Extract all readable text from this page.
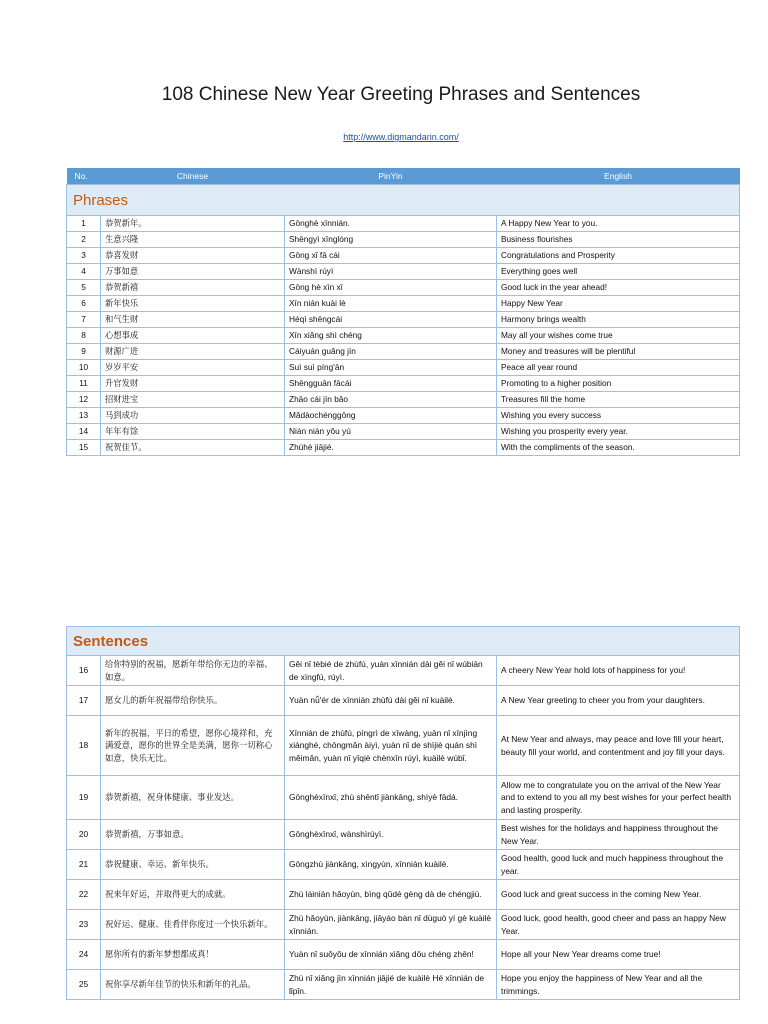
108 Chinese New Year Greeting Phrases and Sentences
http://www.digmandarin.com/
No.	Chinese	PinYin	English
Phrases			
1	恭贺新年。	Gōnghè xīnnián.	A Happy New Year to you.
2	生意兴隆	Shēngyì xīnglóng	Business flourishes
3	恭喜发财	Gōng xǐ fā cái	Congratulations and Prosperity
4	万事如意	Wànshì rúyì	Everything goes well
5	恭贺新禧	Gōng hè xīn xǐ	Good luck in the year ahead!
6	新年快乐	Xīn nián kuài lè	Happy New Year
7	和气生财	Héqì shēngcái	Harmony brings wealth
8	心想事成	Xīn xiǎng shì chéng	May all your wishes come true
9	财源广进	Cáiyuán guǎng jìn	Money and treasures will be plentiful
10	岁岁平安	Suì suì píng'ān	Peace all year round
11	升官发财	Shēngguān fācái	Promoting to a higher position
12	招财进宝	Zhāo cái jìn bǎo	Treasures fill the home
13	马到成功	Mǎdàochénggōng	Wishing you every success
14	年年有馀	Nián nián yǒu yú	Wishing you prosperity every year.
15	祝贺佳节。	Zhùhè jiājié.	With the compliments of the season.
Sentences			
16	给你特别的祝福，愿新年带给你无边的幸福、如意。	Gěi nǐ tèbié de zhùfú, yuàn xīnnián dài gěi nǐ wúbiān de xìngfú, rúyì.	A cheery New Year hold lots of happiness for you!
17	愿女儿的新年祝福带给你快乐。	Yuàn nǚ'ér de xīnnián zhùfú dài gěi nǐ kuàilè.	A New Year greeting to cheer you from your daughters.
18	新年的祝福，平日的希望，愿你心境祥和，充满爱意，愿你的世界全是美满，愿你一切称心如意，快乐无比。	Xīnnián de zhùfú, píngrì de xīwàng, yuàn nǐ xīnjìng xiánghé, chōngmǎn àiyì, yuàn nǐ de shìjiè quán shì měimǎn, yuàn nǐ yīqiè chènxīn rúyì, kuàilè wúbǐ.	At New Year and always, may peace and love fill your heart, beauty fill your world, and contentment and joy fill your days.
19	恭贺新禧，祝身体健康、事业发达。	Gōnghèxīnxǐ, zhù shēntǐ jiànkāng, shìyè fādá.	Allow me to congratulate you on the arrival of the New Year and to extend to you all my best wishes for your perfect health and lasting prosperity.
20	恭贺新禧，万事如意。	Gōnghèxīnxǐ, wànshìrúyì.	Best wishes for the holidays and happiness throughout the New Year.
21	恭祝健康、幸运、新年快乐。	Gōngzhù jiànkāng, xìngyùn, xīnnián kuàilè.	Good health, good luck and much happiness throughout the year.
22	祝来年好运，并取得更大的成就。	Zhù láinián hǎoyùn, bìng qǔdé gèng dà de chéngjiù.	Good luck and great success in the coming New Year.
23	祝好运、健康、佳肴伴你度过一个快乐新年。	Zhù hǎoyùn, jiànkāng, jiāyáo bàn nǐ dùguò yí gè kuàilè xīnnián.	Good luck, good health, good cheer and pass an happy New Year.
24	愿你所有的新年梦想都成真！	Yuàn nǐ suǒyǒu de xīnnián xiǎng dōu chéng zhēn!	Hope all your New Year dreams come true!
25	祝你享尽新年佳节的快乐和新年的礼品。	Zhù nǐ xiǎng jìn xīnnián jiājié de kuàilè Hé xīnnián de lǐpǐn.	Hope you enjoy the happiness of New Year and all the trimmings.
